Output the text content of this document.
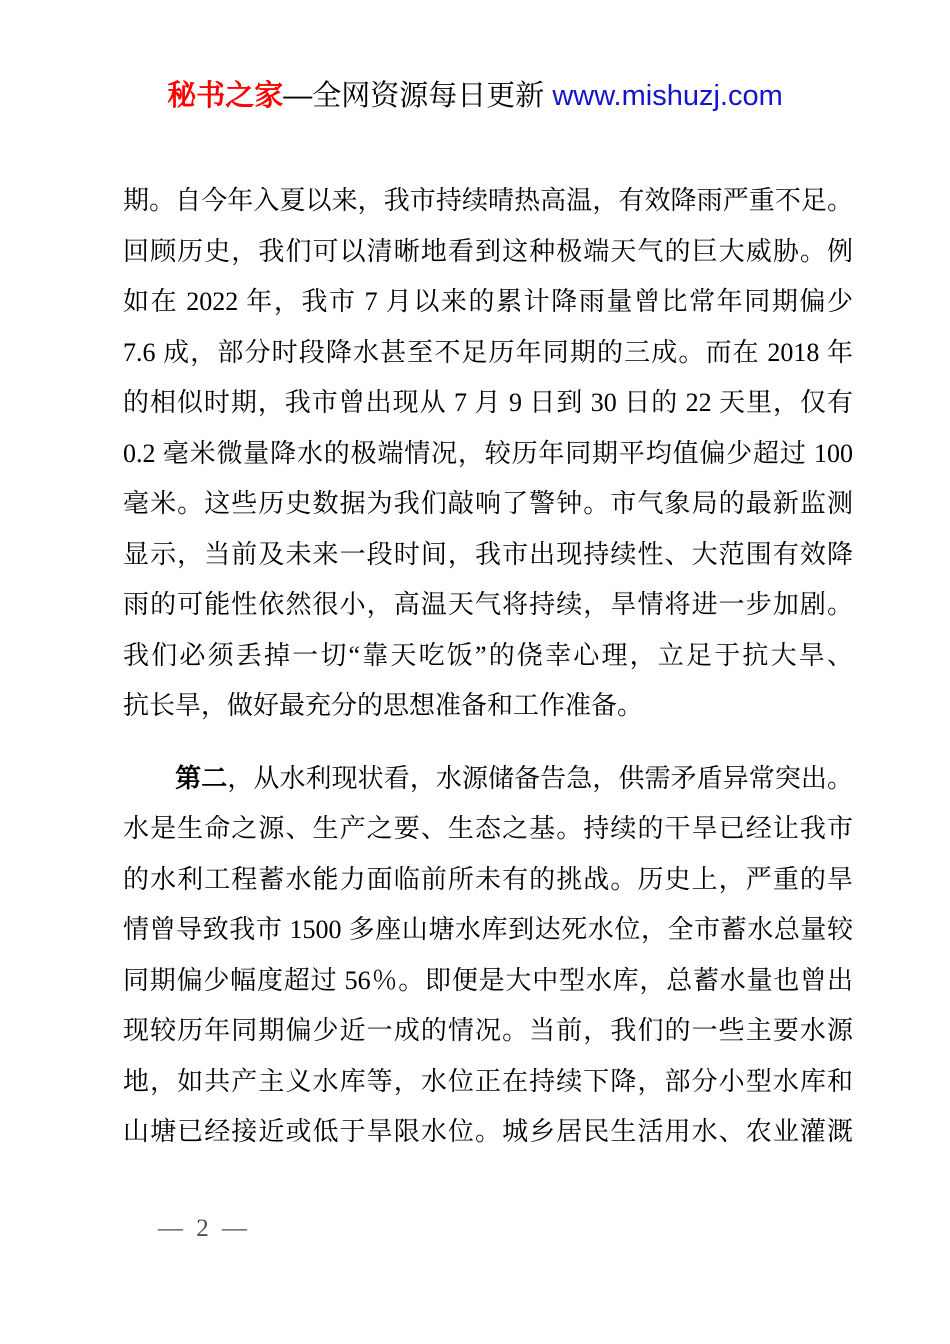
秘书之家—全网资源每日更新 www.mishuzj.com
期。自今年入夏以来，我市持续晴热高温，有效降雨严重不足。
回顾历史，我们可以清晰地看到这种极端天气的巨大威胁。例
如在 2022 年，我市 7 月以来的累计降雨量曾比常年同期偏少
7.6 成，部分时段降水甚至不足历年同期的三成。而在 2018 年
的相似时期，我市曾出现从 7 月 9 日到 30 日的 22 天里，仅有
0.2 毫米微量降水的极端情况，较历年同期平均值偏少超过 100
毫米。这些历史数据为我们敲响了警钟。市气象局的最新监测
显示，当前及未来一段时间，我市出现持续性、大范围有效降
雨的可能性依然很小，高温天气将持续，旱情将进一步加剧。
我们必须丢掉一切“靠天吃饭”的侥幸心理，立足于抗大旱、
抗长旱，做好最充分的思想准备和工作准备。
　　第二，从水利现状看，水源储备告急，供需矛盾异常突出。
水是生命之源、生产之要、生态之基。持续的干旱已经让我市
的水利工程蓄水能力面临前所未有的挑战。历史上，严重的旱
情曾导致我市 1500 多座山塘水库到达死水位，全市蓄水总量较
同期偏少幅度超过 56％。即便是大中型水库，总蓄水量也曾出
现较历年同期偏少近一成的情况。当前，我们的一些主要水源
地，如共产主义水库等，水位正在持续下降，部分小型水库和
山塘已经接近或低于旱限水位。城乡居民生活用水、农业灌溉
— 2 —
